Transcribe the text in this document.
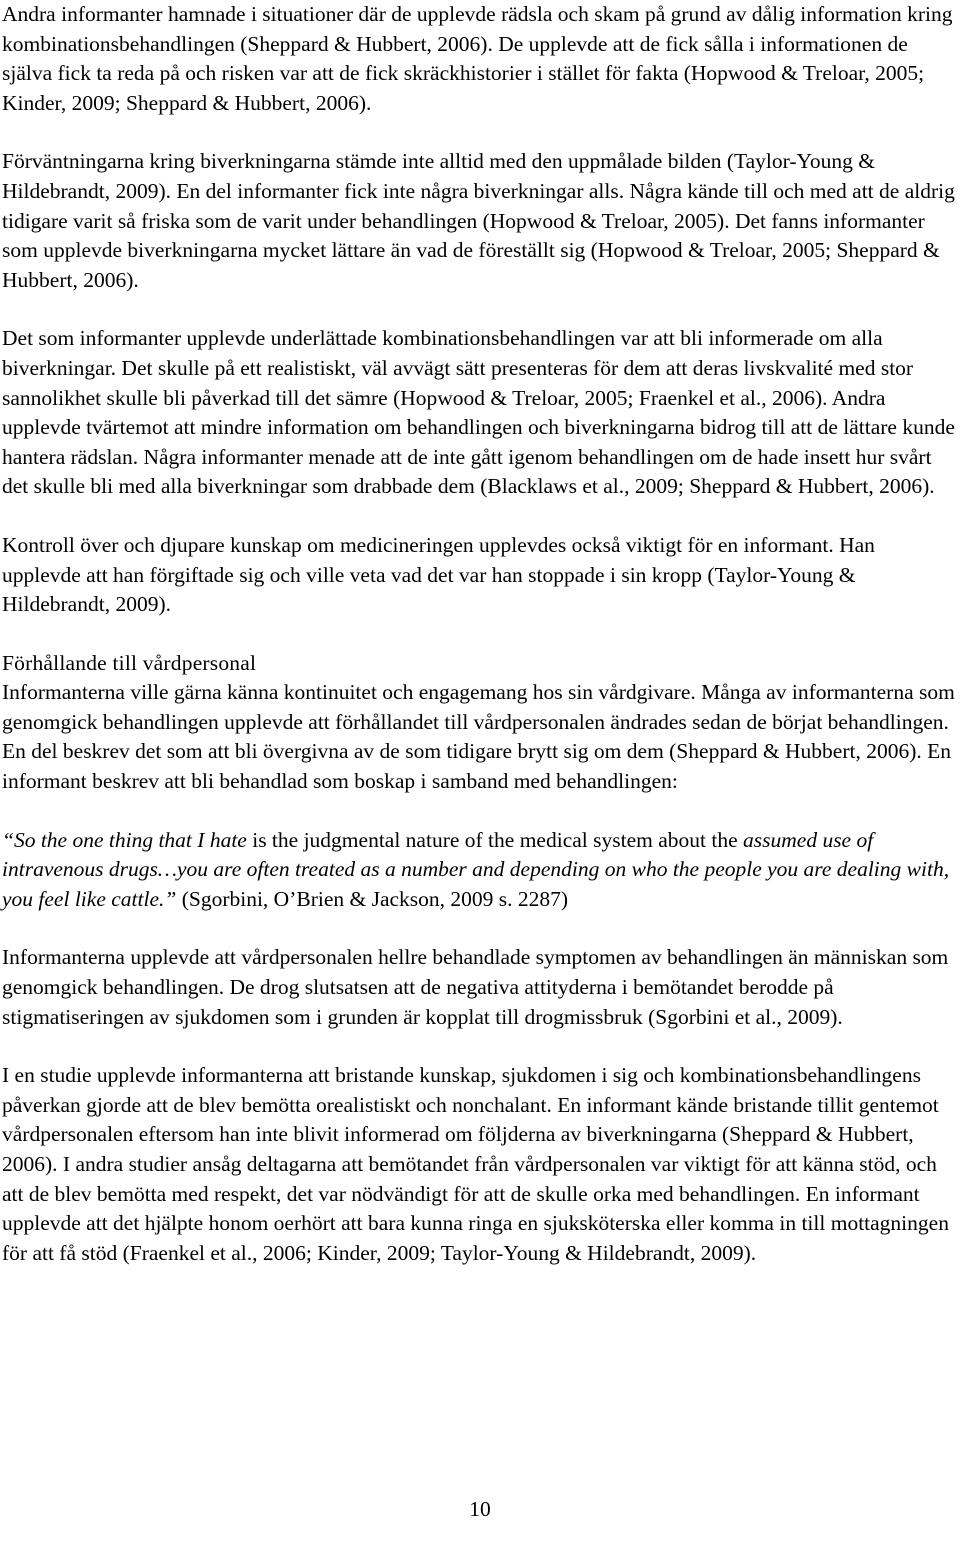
Andra informanter hamnade i situationer där de upplevde rädsla och skam på grund av dålig information kring kombinationsbehandlingen (Sheppard & Hubbert, 2006). De upplevde att de fick sålla i informationen de själva fick ta reda på och risken var att de fick skräckhistorier i stället för fakta (Hopwood & Treloar, 2005; Kinder, 2009; Sheppard & Hubbert, 2006).

Förväntningarna kring biverkningarna stämde inte alltid med den uppmålade bilden (Taylor-Young & Hildebrandt, 2009). En del informanter fick inte några biverkningar alls. Några kände till och med att de aldrig tidigare varit så friska som de varit under behandlingen (Hopwood & Treloar, 2005). Det fanns informanter som upplevde biverkningarna mycket lättare än vad de föreställt sig (Hopwood & Treloar, 2005; Sheppard & Hubbert, 2006).

Det som informanter upplevde underlättade kombinationsbehandlingen var att bli informerade om alla biverkningar. Det skulle på ett realistiskt, väl avvägt sätt presenteras för dem att deras livskvalité med stor sannolikhet skulle bli påverkad till det sämre (Hopwood & Treloar, 2005; Fraenkel et al., 2006). Andra upplevde tvärtemot att mindre information om behandlingen och biverkningarna bidrog till att de lättare kunde hantera rädslan. Några informanter menade att de inte gått igenom behandlingen om de hade insett hur svårt det skulle bli med alla biverkningar som drabbade dem (Blacklaws et al., 2009; Sheppard & Hubbert, 2006).

Kontroll över och djupare kunskap om medicineringen upplevdes också viktigt för en informant. Han upplevde att han förgiftade sig och ville veta vad det var han stoppade i sin kropp (Taylor-Young & Hildebrandt, 2009).

Förhållande till vårdpersonal

Informanterna ville gärna känna kontinuitet och engagemang hos sin vårdgivare. Många av informanterna som genomgick behandlingen upplevde att förhållandet till vårdpersonalen ändrades sedan de börjat behandlingen. En del beskrev det som att bli övergivna av de som tidigare brytt sig om dem (Sheppard & Hubbert, 2006). En informant beskrev att bli behandlad som boskap i samband med behandlingen:

“So the one thing that I hate is the judgmental nature of the medical system about the assumed use of intravenous drugs…you are often treated as a number and depending on who the people you are dealing with, you feel like cattle.” (Sgorbini, O’Brien & Jackson, 2009 s. 2287)

Informanterna upplevde att vårdpersonalen hellre behandlade symptomen av behandlingen än människan som genomgick behandlingen. De drog slutsatsen att de negativa attityderna i bemötandet berodde på stigmatiseringen av sjukdomen som i grunden är kopplat till drogmissbruk (Sgorbini et al., 2009).

I en studie upplevde informanterna att bristande kunskap, sjukdomen i sig och kombinationsbehandlingens påverkan gjorde att de blev bemötta orealistiskt och nonchalant. En informant kände bristande tillit gentemot vårdpersonalen eftersom han inte blivit informerad om följderna av biverkningarna (Sheppard & Hubbert, 2006). I andra studier ansåg deltagarna att bemötandet från vårdpersonalen var viktigt för att känna stöd, och att de blev bemötta med respekt, det var nödvändigt för att de skulle orka med behandlingen. En informant upplevde att det hjälpte honom oerhört att bara kunna ringa en sjuksköterska eller komma in till mottagningen för att få stöd (Fraenkel et al., 2006; Kinder, 2009; Taylor-Young & Hildebrandt, 2009).

10
